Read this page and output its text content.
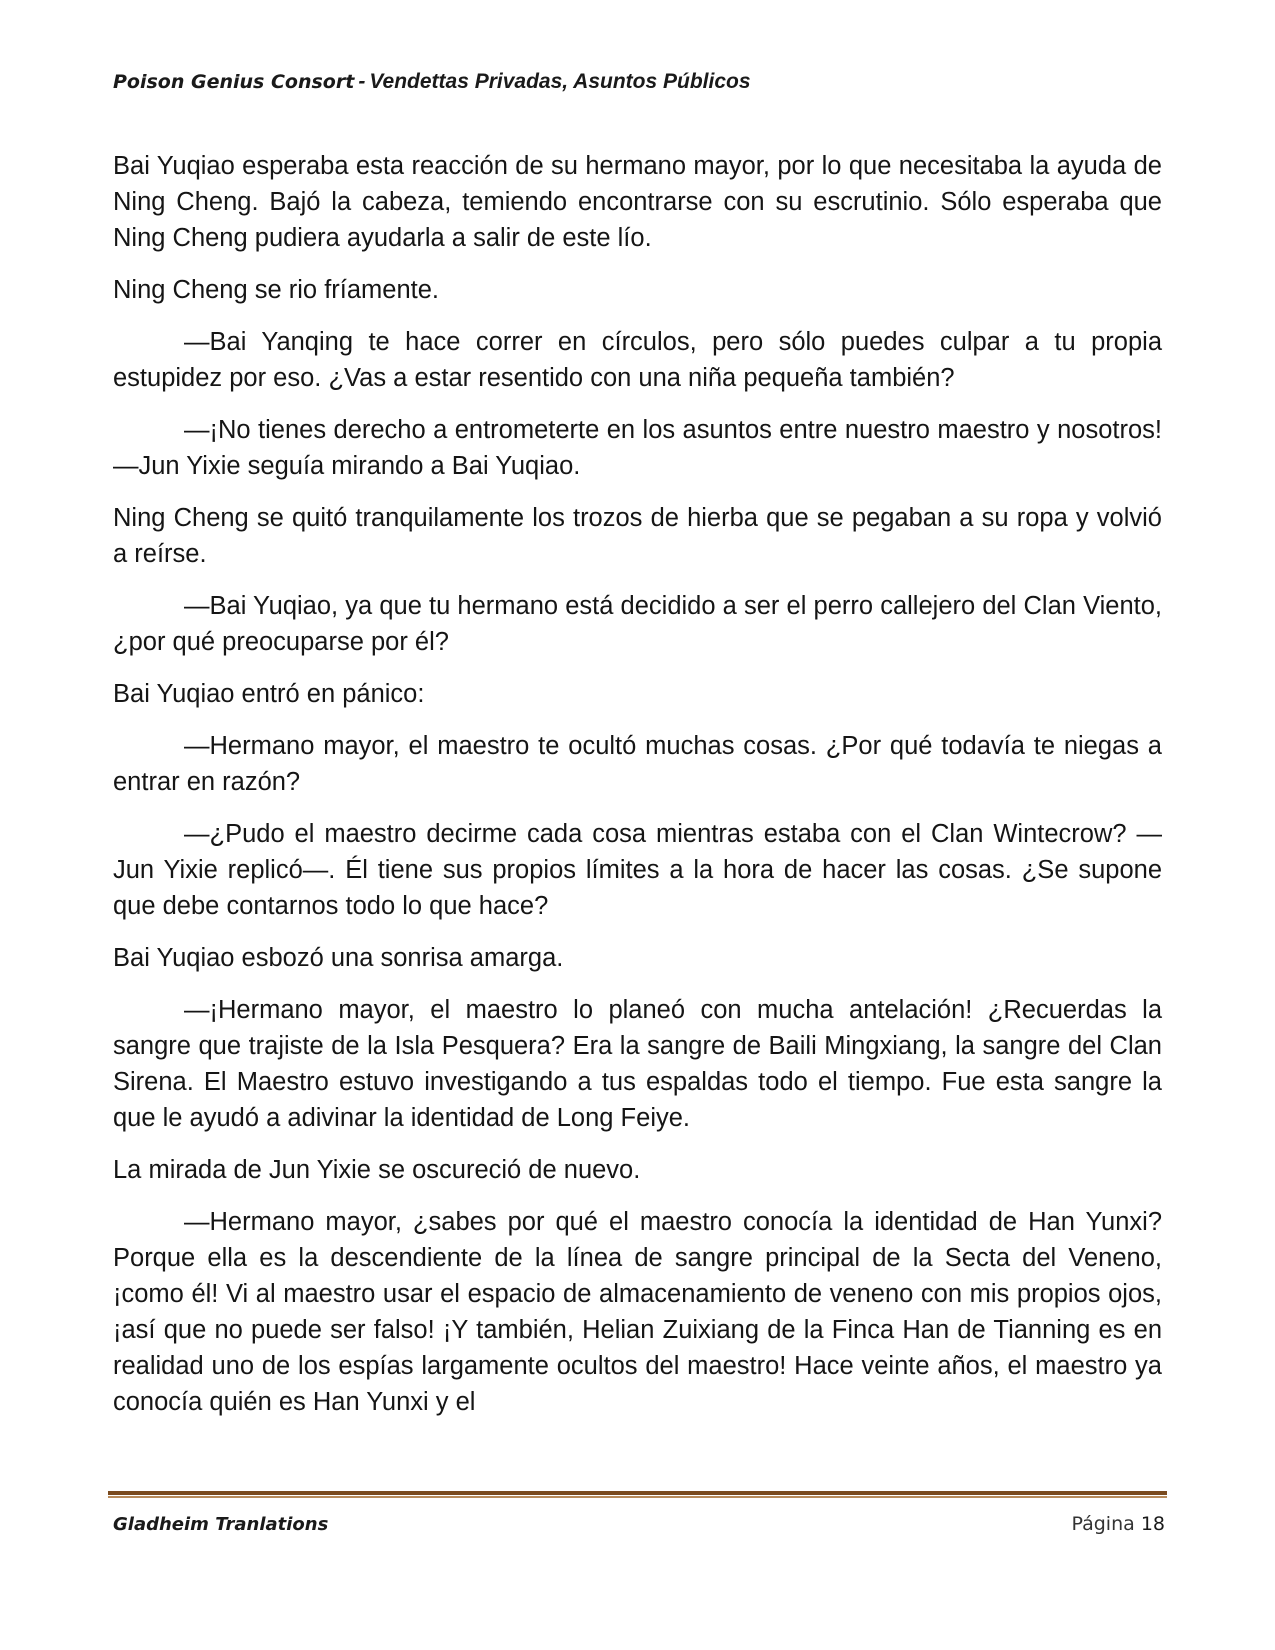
Poison Genius Consort - Vendettas Privadas, Asuntos Públicos

Bai Yuqiao esperaba esta reacción de su hermano mayor, por lo que necesitaba la ayuda de Ning Cheng. Bajó la cabeza, temiendo encontrarse con su escrutinio. Sólo esperaba que Ning Cheng pudiera ayudarla a salir de este lío.

Ning Cheng se rio fríamente.

—Bai Yanqing te hace correr en círculos, pero sólo puedes culpar a tu propia estupidez por eso. ¿Vas a estar resentido con una niña pequeña también?

—¡No tienes derecho a entrometerte en los asuntos entre nuestro maestro y nosotros! —Jun Yixie seguía mirando a Bai Yuqiao.

Ning Cheng se quitó tranquilamente los trozos de hierba que se pegaban a su ropa y volvió a reírse.

—Bai Yuqiao, ya que tu hermano está decidido a ser el perro callejero del Clan Viento, ¿por qué preocuparse por él?

Bai Yuqiao entró en pánico:

—Hermano mayor, el maestro te ocultó muchas cosas. ¿Por qué todavía te niegas a entrar en razón?

—¿Pudo el maestro decirme cada cosa mientras estaba con el Clan Wintecrow? —Jun Yixie replicó—. Él tiene sus propios límites a la hora de hacer las cosas. ¿Se supone que debe contarnos todo lo que hace?

Bai Yuqiao esbozó una sonrisa amarga.

—¡Hermano mayor, el maestro lo planeó con mucha antelación! ¿Recuerdas la sangre que trajiste de la Isla Pesquera? Era la sangre de Baili Mingxiang, la sangre del Clan Sirena. El Maestro estuvo investigando a tus espaldas todo el tiempo. Fue esta sangre la que le ayudó a adivinar la identidad de Long Feiye.

La mirada de Jun Yixie se oscureció de nuevo.

—Hermano mayor, ¿sabes por qué el maestro conocía la identidad de Han Yunxi? Porque ella es la descendiente de la línea de sangre principal de la Secta del Veneno, ¡como él! Vi al maestro usar el espacio de almacenamiento de veneno con mis propios ojos, ¡así que no puede ser falso! ¡Y también, Helian Zuixiang de la Finca Han de Tianning es en realidad uno de los espías largamente ocultos del maestro! Hace veinte años, el maestro ya conocía quién es Han Yunxi y el

Gladheim Tranlations	Página 18
